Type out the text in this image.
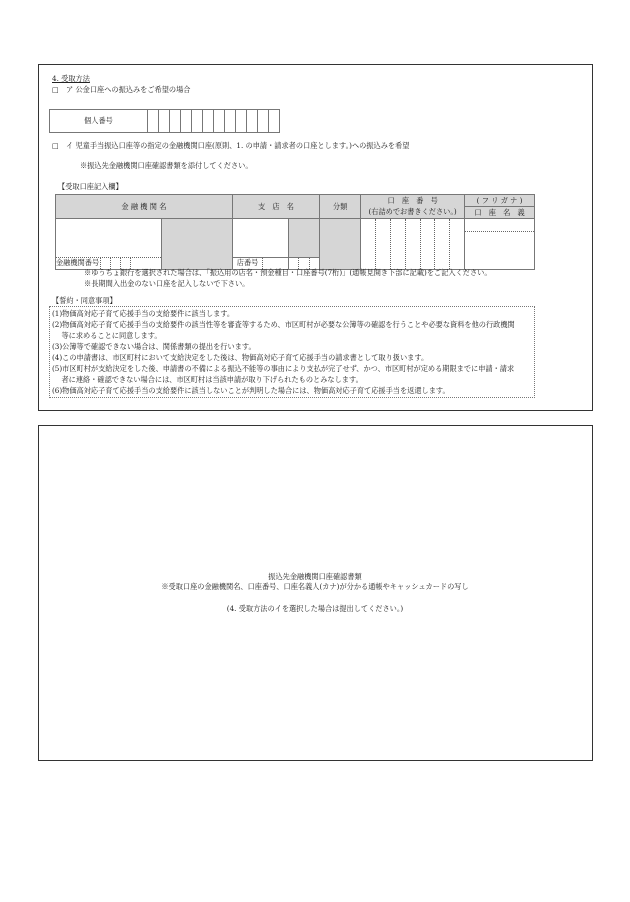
4. 受取方法
□　ア 公金口座への振込みをご希望の場合
個人番号												
□　イ 児童手当振込口座等の指定の金融機関口座(原則、1. の申請・請求者の口座とします。)への振込みを希望
※振込先金融機関口座確認書類を添付してください。
【受取口座記入欄】
金 融 機 関 名		支　店　名		分類	口　座　番　号	( フ リ ガ ナ )
					(右詰めでお書きください。)	口　座　名　義

金融機関番号		店番号				

※ゆうちょ銀行を選択された場合は、「振込用の店名・預金種目・口座番号(7桁)」(通帳見開き下部に記載)をご記入ください。
※長期間入出金のない口座を記入しないで下さい。
【誓約・同意事項】
(1)物価高対応子育て応援手当の支給要件に該当します。
(2)物価高対応子育て応援手当の支給要件の該当性等を審査等するため、市区町村が必要な公簿等の確認を行うことや必要な資料を他の行政機関
　 等に求めることに同意します。
(3)公簿等で確認できない場合は、関係書類の提出を行います。
(4)この申請書は、市区町村において支給決定をした後は、物価高対応子育て応援手当の請求書として取り扱います。
(5)市区町村が支給決定をした後、申請書の不備による振込不能等の事由により支払が完了せず、かつ、市区町村が定める期限までに申請・請求
　 者に連絡・確認できない場合には、市区町村は当該申請が取り下げられたものとみなします。
(6)物価高対応子育て応援手当の支給要件に該当しないことが判明した場合には、物価高対応子育て応援手当を返還します。
振込先金融機関口座確認書類
※受取口座の金融機関名、口座番号、口座名義人(カナ)が分かる通帳やキャッシュカードの写し
(4. 受取方法のイを選択した場合は提出してください。)
